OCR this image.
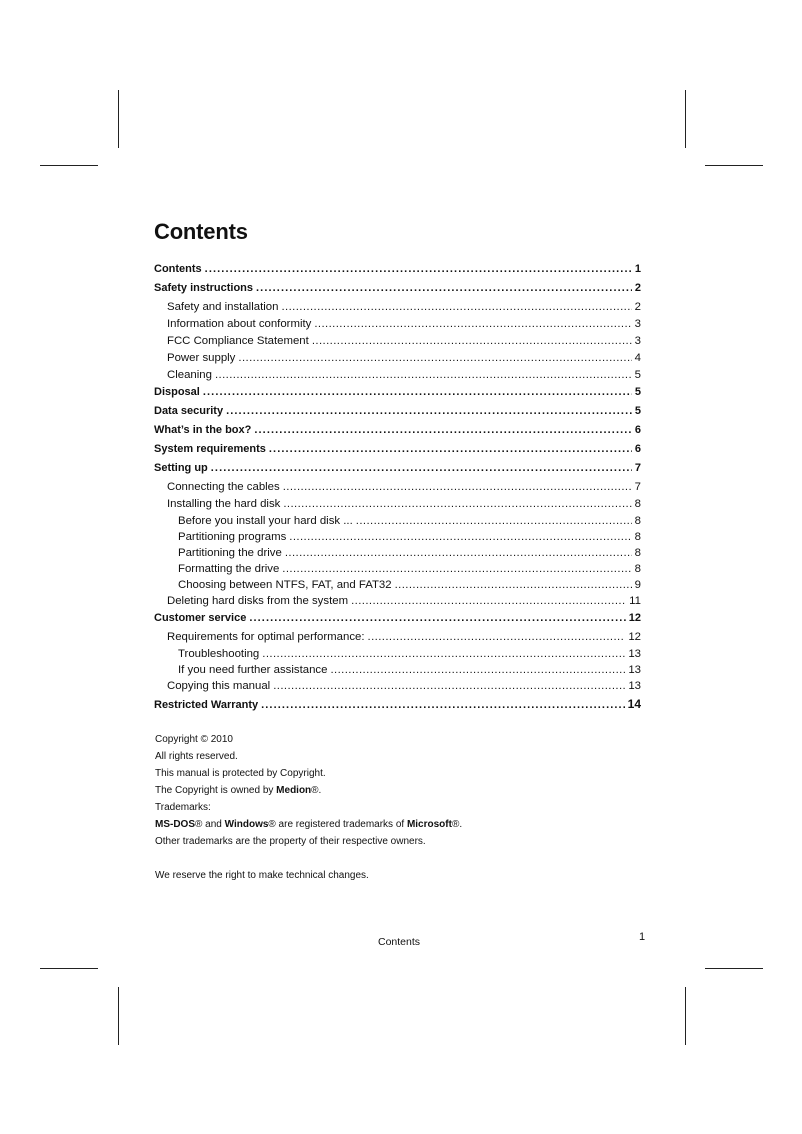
Contents
Contents .....	1
Safety instructions .....	2
Safety and installation .....	2
Information about conformity .....	3
FCC Compliance Statement .....	3
Power supply .....	4
Cleaning .....	5
Disposal .....	5
Data security .....	5
What’s in the box? .....	6
System requirements .....	6
Setting up .....	7
Connecting the cables .....	7
Installing the hard disk .....	8
Before you install your hard disk ... .....	8
Partitioning programs .....	8
Partitioning the drive .....	8
Formatting the drive .....	8
Choosing between NTFS, FAT, and FAT32 .....	9
Deleting hard disks from the system .....	11
Customer service .....	12
Requirements for optimal performance: .....	12
Troubleshooting .....	13
If you need further assistance .....	13
Copying this manual .....	13
Restricted Warranty .....	14

Copyright © 2010

All rights reserved.

This manual is protected by Copyright.

The Copyright is owned by Medion®.

Trademarks:

MS-DOS® and Windows® are registered trademarks of Microsoft®.

Other trademarks are the property of their respective owners.

We reserve the right to make technical changes.

Contents	1
